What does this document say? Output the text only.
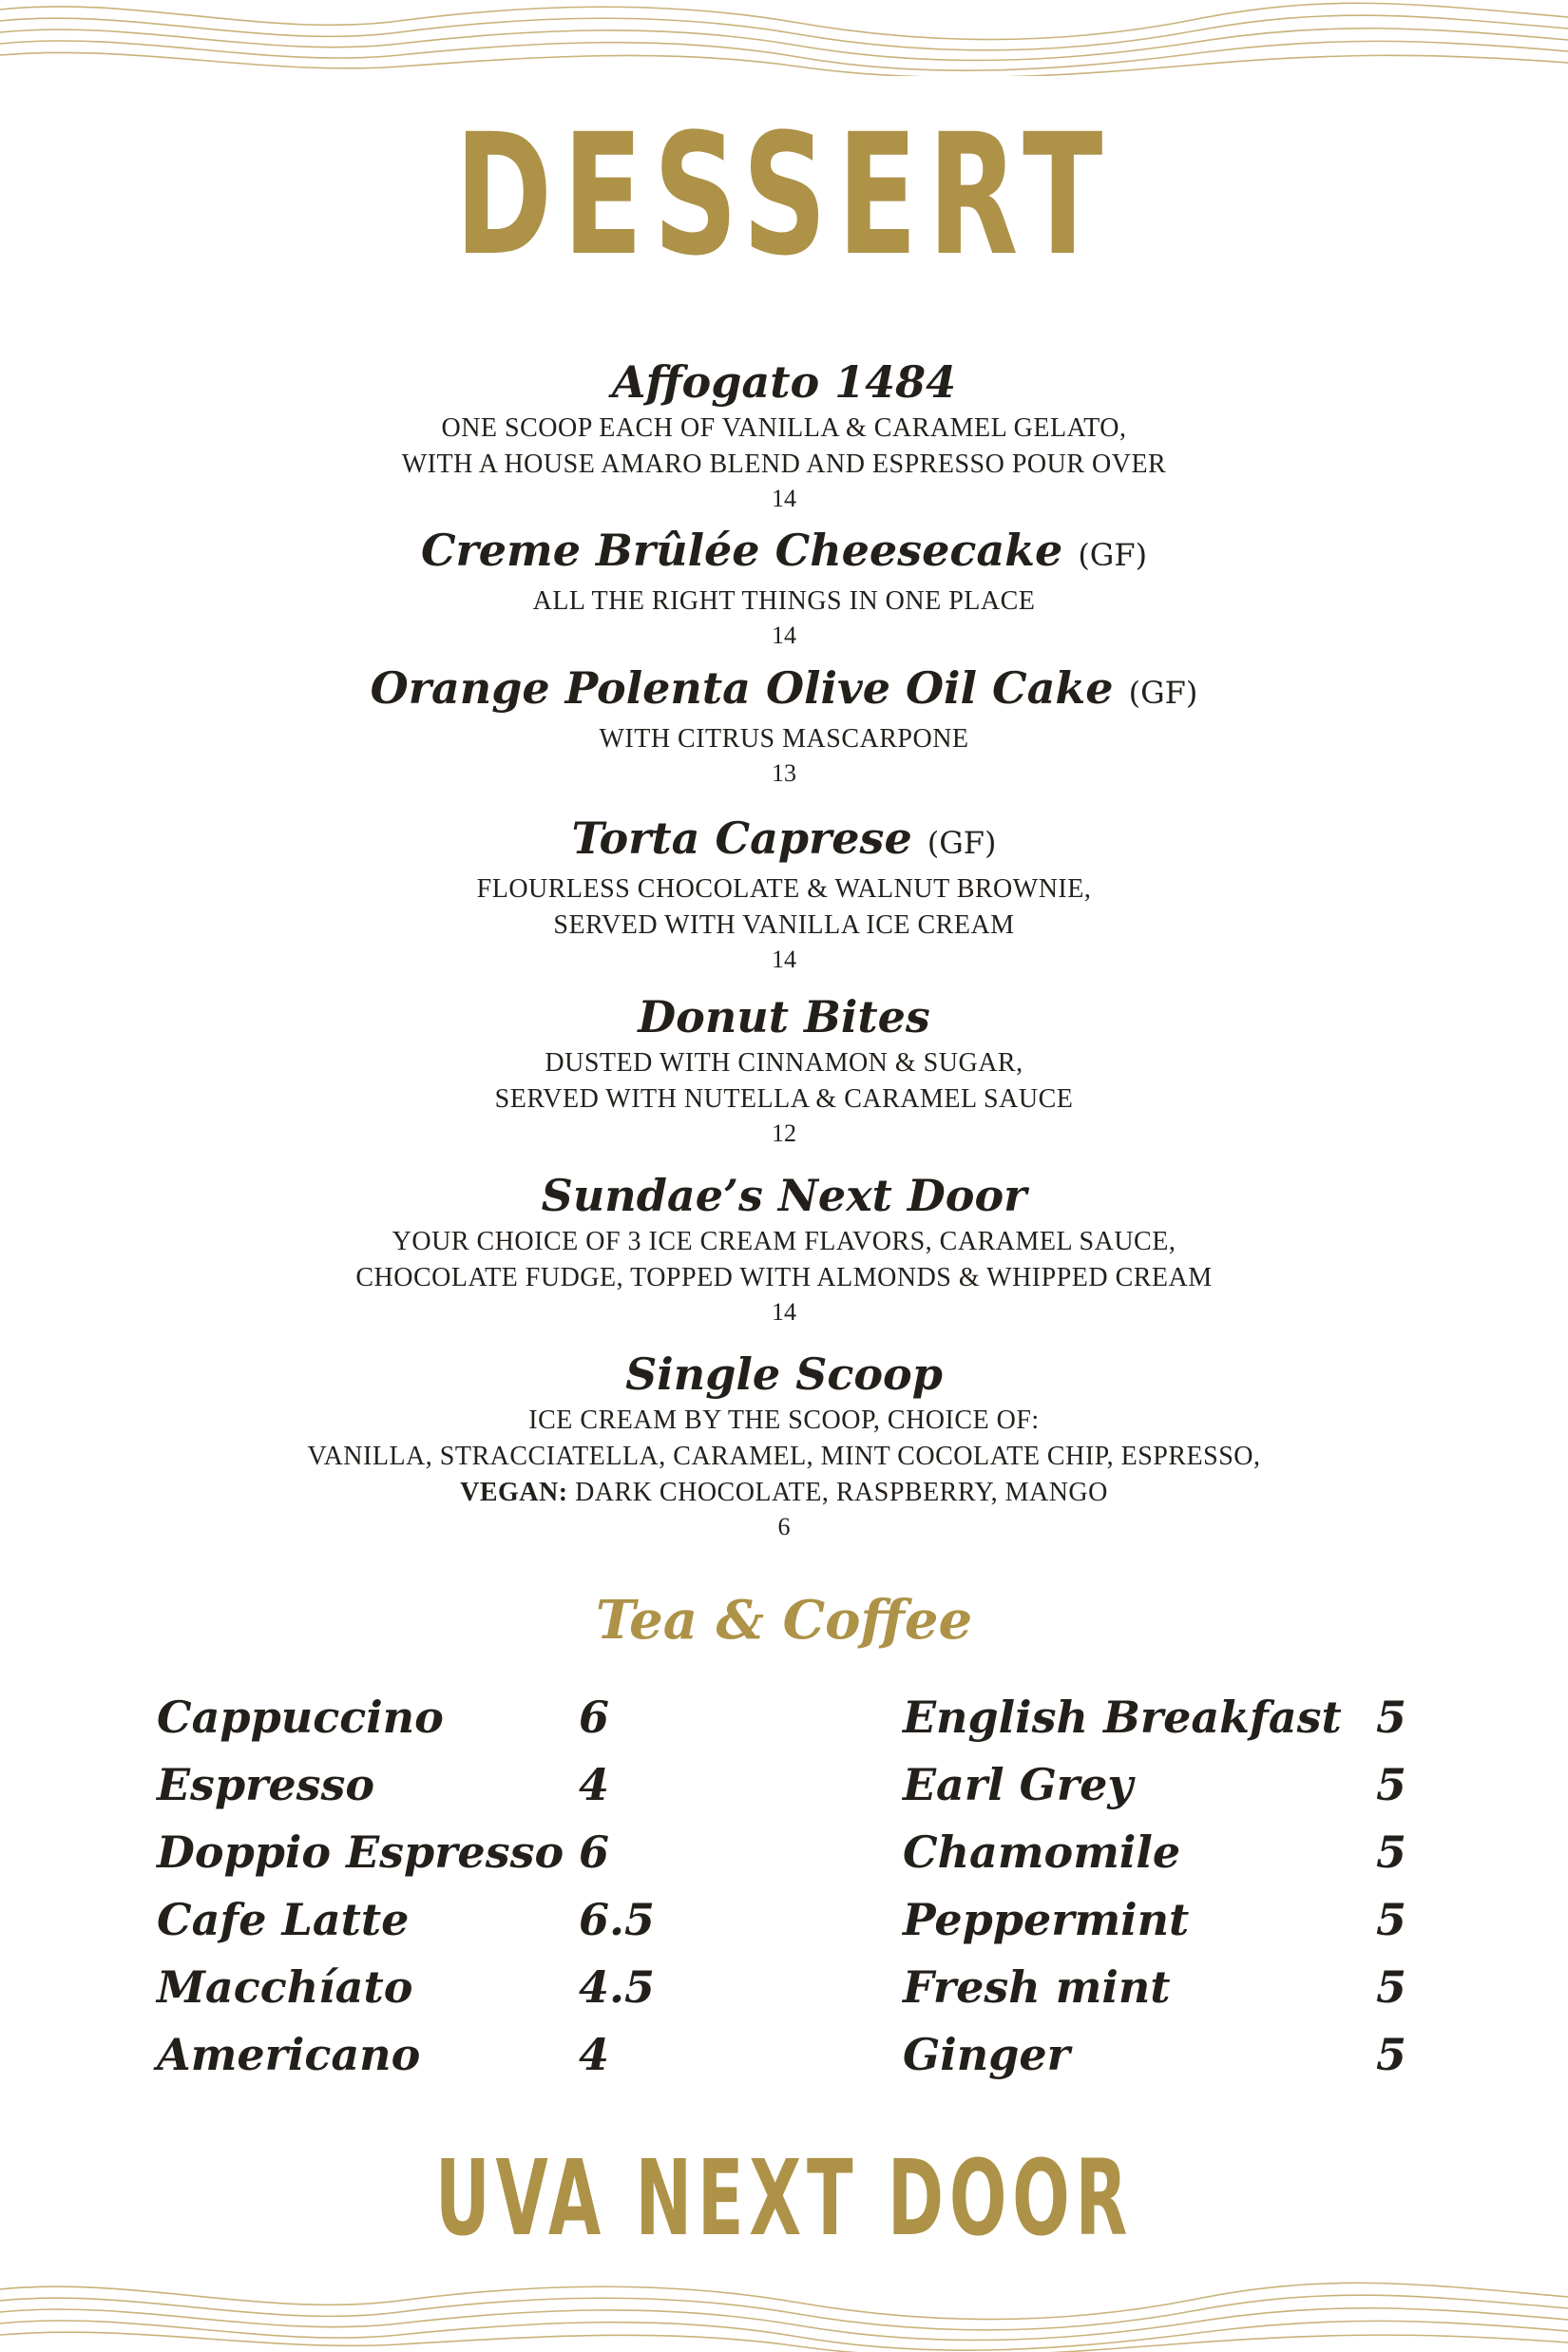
DESSERT
Affogato 1484
ONE SCOOP EACH OF VANILLA & CARAMEL GELATO,
WITH A HOUSE AMARO BLEND AND ESPRESSO POUR OVER
14
Creme Brûlée Cheesecake (GF)
ALL THE RIGHT THINGS IN ONE PLACE
14
Orange Polenta Olive Oil Cake (GF)
WITH CITRUS MASCARPONE
13
Torta Caprese (GF)
FLOURLESS CHOCOLATE & WALNUT BROWNIE,
SERVED WITH VANILLA ICE CREAM
14
Donut Bites
DUSTED WITH CINNAMON & SUGAR,
SERVED WITH NUTELLA & CARAMEL SAUCE
12
Sundae’s Next Door
YOUR CHOICE OF 3 ICE CREAM FLAVORS, CARAMEL SAUCE,
CHOCOLATE FUDGE, TOPPED WITH ALMONDS & WHIPPED CREAM
14
Single Scoop
ICE CREAM BY THE SCOOP, CHOICE OF:
VANILLA, STRACCIATELLA, CARAMEL, MINT COCOLATE CHIP, ESPRESSO,
VEGAN: DARK CHOCOLATE, RASPBERRY, MANGO
6
Tea & Coffee
Cappuccino	6
Espresso	4
Doppio Espresso 6
Cafe Latte	6.5
Macchíato	4.5
Americano	4
English Breakfast 5
Earl Grey	5
Chamomile	5
Peppermint	5
Fresh mint	5
Ginger	5
UVA NEXT DOOR
